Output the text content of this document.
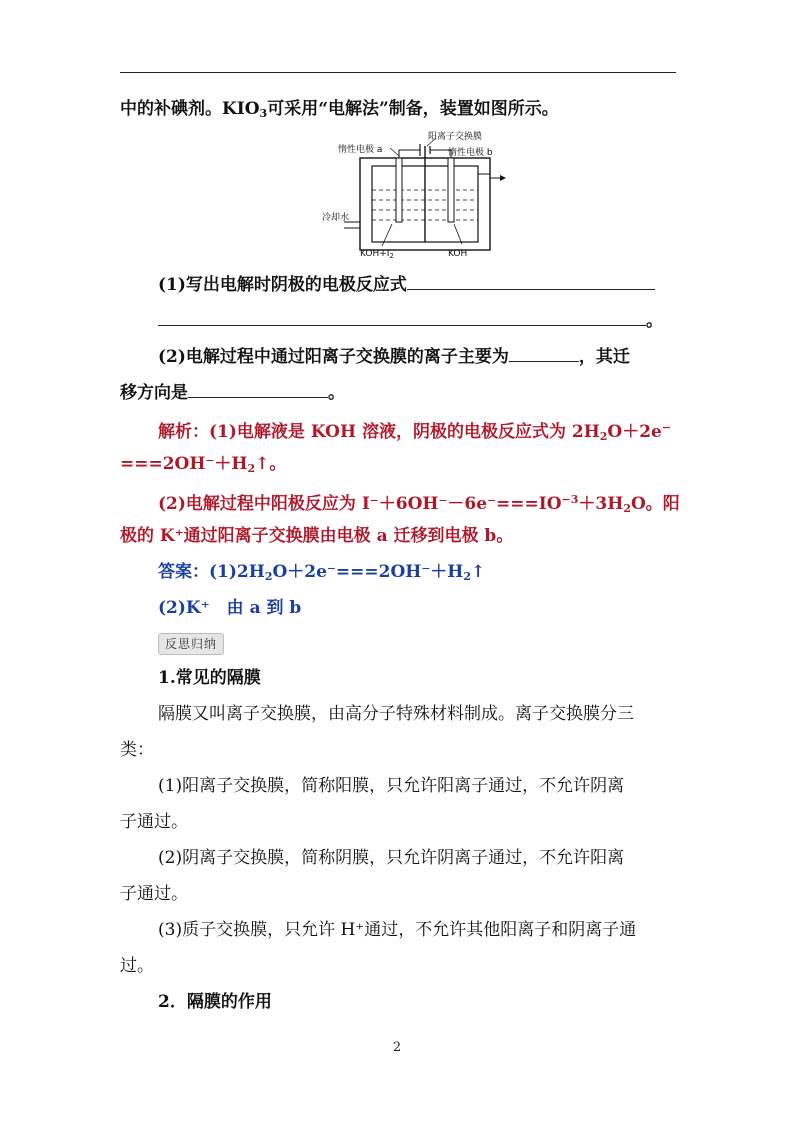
中的补碘剂。KIO3可采用“电解法”制备，装置如图所示。
惰性电极 a
阳离子交换膜
惰性电极 b
冷却水
$KOH+I_2$	KOH
(1)写出电解时阴极的电极反应式
。
(2)电解过程中通过阳离子交换膜的离子主要为	，其迁
移方向是	。
解析：(1)电解液是 KOH 溶液，阴极的电极反应式为 2H2O＋2e−
===2OH⁻＋H2↑。
(2)电解过程中阳极反应为 $I^-+6OH^--6e^-===IO^{-3}+3H2O$。阳
极的 K⁺通过阳离子交换膜由电极 a 迁移到电极 b。
答案：(1)2H2O＋2e⁻===2OH⁻＋H2↑
(2)K⁺　由 a 到 b
反思归纳
1.常见的隔膜
隔膜又叫离子交换膜，由高分子特殊材料制成。离子交换膜分三
类：
(1)阳离子交换膜，简称阳膜，只允许阳离子通过，不允许阴离
子通过。
(2)阴离子交换膜，简称阴膜，只允许阴离子通过，不允许阳离
子通过。
(3)质子交换膜，只允许 H⁺通过，不允许其他阳离子和阴离子通
过。
2．隔膜的作用
2
